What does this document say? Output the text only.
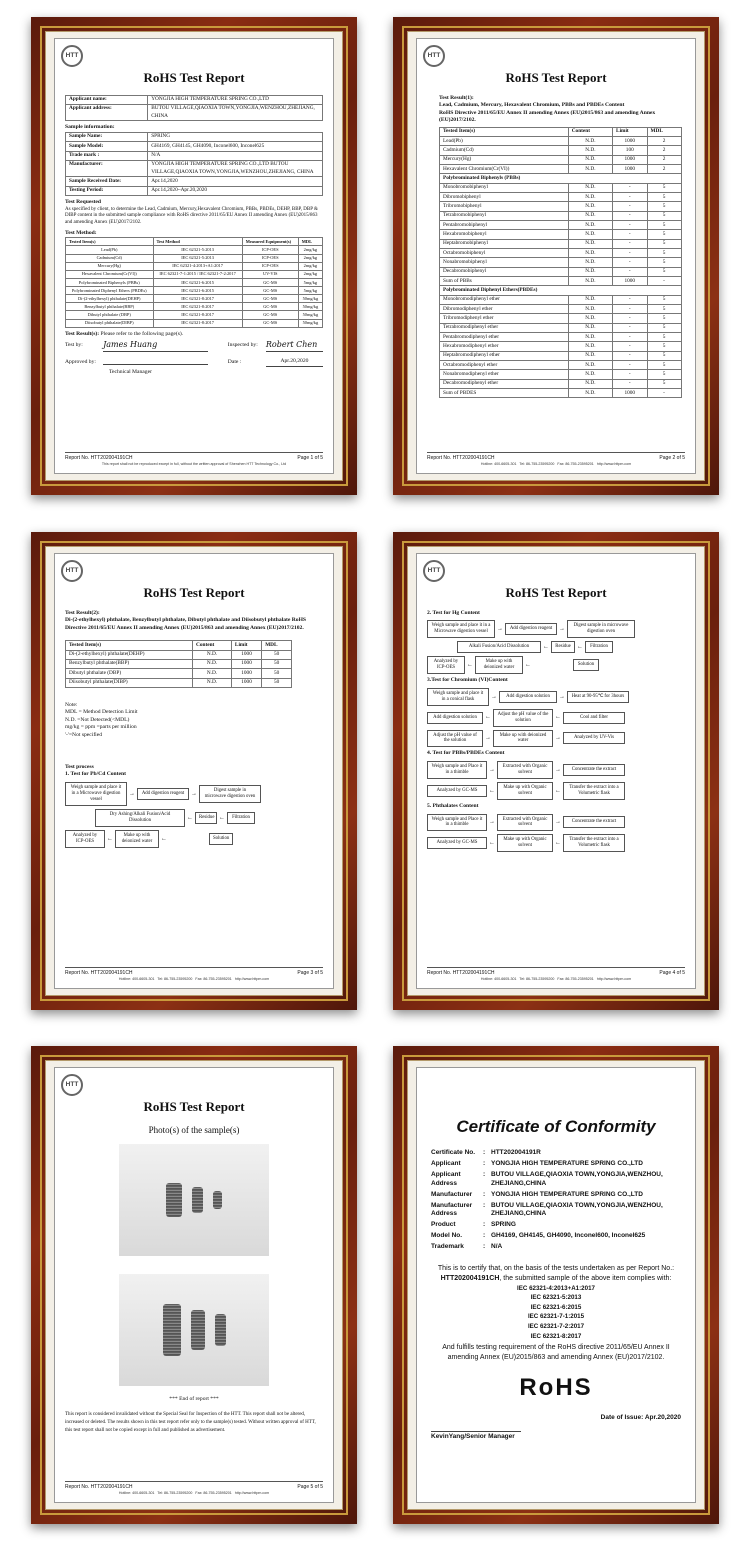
HTT
RoHS Test Report
Applicant name:	YONGJIA HIGH TEMPERATURE SPRING CO.,LTD
Applicant address:	BUTOU VILLAGE,QIAOXIA TOWN,YONGJIA,WENZHOU,ZHEJIANG, CHINA
Sample information:
Sample Name:	SPRING
Sample Model:	GH4169, GH4145, GH4090, Inconel600, Inconel625
Trade mark :	N/A
Manufacturer:	YONGJIA HIGH TEMPERATURE SPRING CO.,LTD BUTOU VILLAGE,QIAOXIA TOWN,YONGJIA,WENZHOU,ZHEJIANG, CHINA
Sample Received Date:	Apr.14,2020
Testing Period:	Apr.14,2020~Apr.20,2020
Test Requested
As specified by client, to determine the Lead, Cadmium, Mercury,Hexavalent Chromium, PBBs, PBDEs, DEHP, BBP, DBP & DIBP content in the submitted sample compliance with RoHS directive 2011/65/EU Annex II amending Annex (EU)2015/863 and amending Annex (EU)2017/2102.
Test Method:
Tested Item(s)	Test Method	Measured Equipment(s)	MDL
Lead(Pb)	IEC 62321-5:2013	ICP-OES	2mg/kg
Cadmium(Cd)	IEC 62321-5:2013	ICP-OES	2mg/kg
Mercury(Hg)	IEC 62321-4:2013+A1:2017	ICP-OES	2mg/kg
Hexavalent Chromium(Cr(VI))	IEC 62321-7-1:2015 / IEC 62321-7-2:2017	UV-VIS	2mg/kg
Polybrominated Biphenyls (PBBs)	IEC 62321-6:2015	GC-MS	5mg/kg
Polybrominated Diphenyl Ethers (PBDEs)	IEC 62321-6:2015	GC-MS	5mg/kg
Di-(2-ethylhexyl) phthalate(DEHP)	IEC 62321-8:2017	GC-MS	50mg/kg
Benzylbutyl phthalate(BBP)	IEC 62321-8:2017	GC-MS	50mg/kg
Dibutyl phthalate (DBP)	IEC 62321-8:2017	GC-MS	50mg/kg
Diisobutyl phthalate(DIBP)	IEC 62321-8:2017	GC-MS	50mg/kg
Test Result(s): Please refer to the following page(s).
Test by:	James Huang	Inspected by:	Robert Chen
Approved by:	Date :	Apr.20,2020
Technical Manager
Report No. HTT202004191CH	Page 1 of 5
This report shall not be reproduced except in full, without the written approval of Shenzhen HTT Technology Co., Ltd
HTT
RoHS Test Report
Test Result(1):
Lead, Cadmium, Mercury, Hexavalent Chromium, PBBs and PBDEs Content
RoHS Directive 2011/65/EU Annex II amending Annex (EU)2015/863 and amending Annex (EU)2017/2102.
Tested Item(s)	Content	Limit	MDL
Lead(Pb)	N.D.	1000	2
Cadmium(Cd)	N.D.	100	2
Mercury(Hg)	N.D.	1000	2
Hexavalent Chromium(Cr(VI))	N.D.	1000	2
Polybrominated Biphenyls (PBBs)			
Monobromobiphenyl	N.D.	-	5
Dibromobiphenyl	N.D.	-	5
Tribromobiphenyl	N.D.	-	5
Tetrabromobiphenyl	N.D.	-	5
Pentabromobiphenyl	N.D.	-	5
Hexabromobiphenyl	N.D.	-	5
Heptabromobiphenyl	N.D.	-	5
Octabromobiphenyl	N.D.	-	5
Nonabromobiphenyl	N.D.	-	5
Decabromobiphenyl	N.D.	-	5
Sum of PBBs	N.D.	1000	-
Polybrominated Diphenyl Ethers(PBDEs)			
Monobromodiphenyl ether	N.D.	-	5
Dibromodiphenyl ether	N.D.	-	5
Tribromodiphenyl ether	N.D.	-	5
Tetrabromodiphenyl ether	N.D.	-	5
Pentabromodiphenyl ether	N.D.	-	5
Hexabromodiphenyl ether	N.D.	-	5
Heptabromodiphenyl ether	N.D.	-	5
Octabromodiphenyl ether	N.D.	-	5
Nonabromodiphenyl ether	N.D.	-	5
Decabromodiphenyl ether	N.D.	-	5
Sum of PBDES	N.D.	1000	-
Report No. HTT202004191CH	Page 2 of 5
Hotline: 400-6605-301 Tel: 86-755-23595200 Fax: 86-755-23595201 http://www.httpm.com
HTT
RoHS Test Report
Test Result(2):
Di-(2-ethylhexyl) phthalate, Benzylbutyl phthalate, Dibutyl phthalate and Diisobutyl phthalate RoHS Directive 2011/65/EU Annex II amending Annex (EU)2015/863 and amending Annex (EU)2017/2102.
Tested Item(s)	Content	Limit	MDL
Di-(2-ethylhexyl) phthalate(DEHP)	N.D.	1000	50
Benzylbutyl phthalate(BBP)	N.D.	1000	50
Dibutyl phthalate (DBP)	N.D.	1000	50
Diisobutyl phthalate(DIBP)	N.D.	1000	50
Note:
MDL = Method Detection Limit
N.D. =Not Detected(<MDL)
mg/kg = ppm =parts per million
'-'=Not specified
Test process
1. Test for Pb/Cd Content
Weigh sample and place it in a Microwave digestion vessel
→	Add digestion reagent	→
Digest sample in microwave digestion oven
Dry Ashing/Alkali Fusion/Acid Dissolution	←	Residue ←	Filtration
Analyzed by ICP-OES	←
Make up with deionized water	←	Solution
Report No. HTT202004191CH	Page 3 of 5
Hotline: 400-6605-301 Tel: 86-755-23595200 Fax: 86-755-23595201 http://www.httpm.com
HTT
RoHS Test Report
2. Test for Hg Content
Weigh sample and place it in a Microwave digestion vessel	→	Add digestion reagent	→
Digest sample in microwave digestion oven
Alkali Fusion/Acid Dissolution	←	Residue	←	Filtration
Analyzed by ICP-OES	←
Make up with deionized water	←	Solution
3.Test for Chromium (VI)Content
Weigh sample and place it in a conical flask	→	Add digestion solution	→	Heat at 90-95℃ for 3hours
Add digestion solution	←
Adjust the pH value of the solution	←	Cool and filter
Adjust the pH value of the solution	→
Make up with deionized water	→	Analyzed by UV-Vis
4. Test for PBBs/PBDEs Content
Weigh sample and Place it in a thimble	→
Extracted with Organic solvent	→	Concentrate the extract
Analyzed by GC-MS	←
Make up with Organic solvent	←
Transfer the extract into a Volumetric flask
5. Phthalates Content
Weigh sample and Place it in a thimble	→
Extracted with Organic solvent	→	Concentrate the extract
Analyzed by GC-MS	←
Make up with Organic solvent	←
Transfer the extract into a Volumetric flask
Report No. HTT202004191CH	Page 4 of 5
Hotline: 400-6605-301 Tel: 86-755-23595200 Fax: 86-755-23595201 http://www.httpm.com
HTT
RoHS Test Report
Photo(s) of the sample(s)
*** End of report ***
This report is considered invalidated without the Special Seal for Inspection of the HTT. This report shall not be altered, increased or deleted. The results shown in this test report refer only to the sample(s) tested. Without written approval of HTT, this test report shall not be copied except in full and published as advertisement.
Report No. HTT202004191CH	Page 5 of 5
Hotline: 400-6605-301 Tel: 86-755-23595200 Fax: 86-755-23595201 http://www.httpm.com
Certificate of Conformity
Certificate No.	: HTT202004191R
Applicant	: YONGJIA HIGH TEMPERATURE SPRING CO.,LTD
Applicant Address
: BUTOU VILLAGE,QIAOXIA TOWN,YONGJIA,WENZHOU, ZHEJIANG,CHINA
Manufacturer	: YONGJIA HIGH TEMPERATURE SPRING CO.,LTD
Manufacturer Address
: BUTOU VILLAGE,QIAOXIA TOWN,YONGJIA,WENZHOU, ZHEJIANG,CHINA
Product	: SPRING
Model No.	: GH4169, GH4145, GH4090, Inconel600, Inconel625
Trademark	: N/A
This is to certify that, on the basis of the tests undertaken as per Report No.:
HTT202004191CH, the submitted sample of the above item complies with:
IEC 62321-4:2013+A1:2017
IEC 62321-5:2013
IEC 62321-6:2015
IEC 62321-7-1:2015
IEC 62321-7-2:2017
IEC 62321-8:2017
And fulfills testing requirement of the RoHS directive 2011/65/EU Annex II amending Annex (EU)2015/863 and amending Annex (EU)2017/2102.
RoHS
Date of Issue: Apr.20,2020
KevinYang/Senior Manager
